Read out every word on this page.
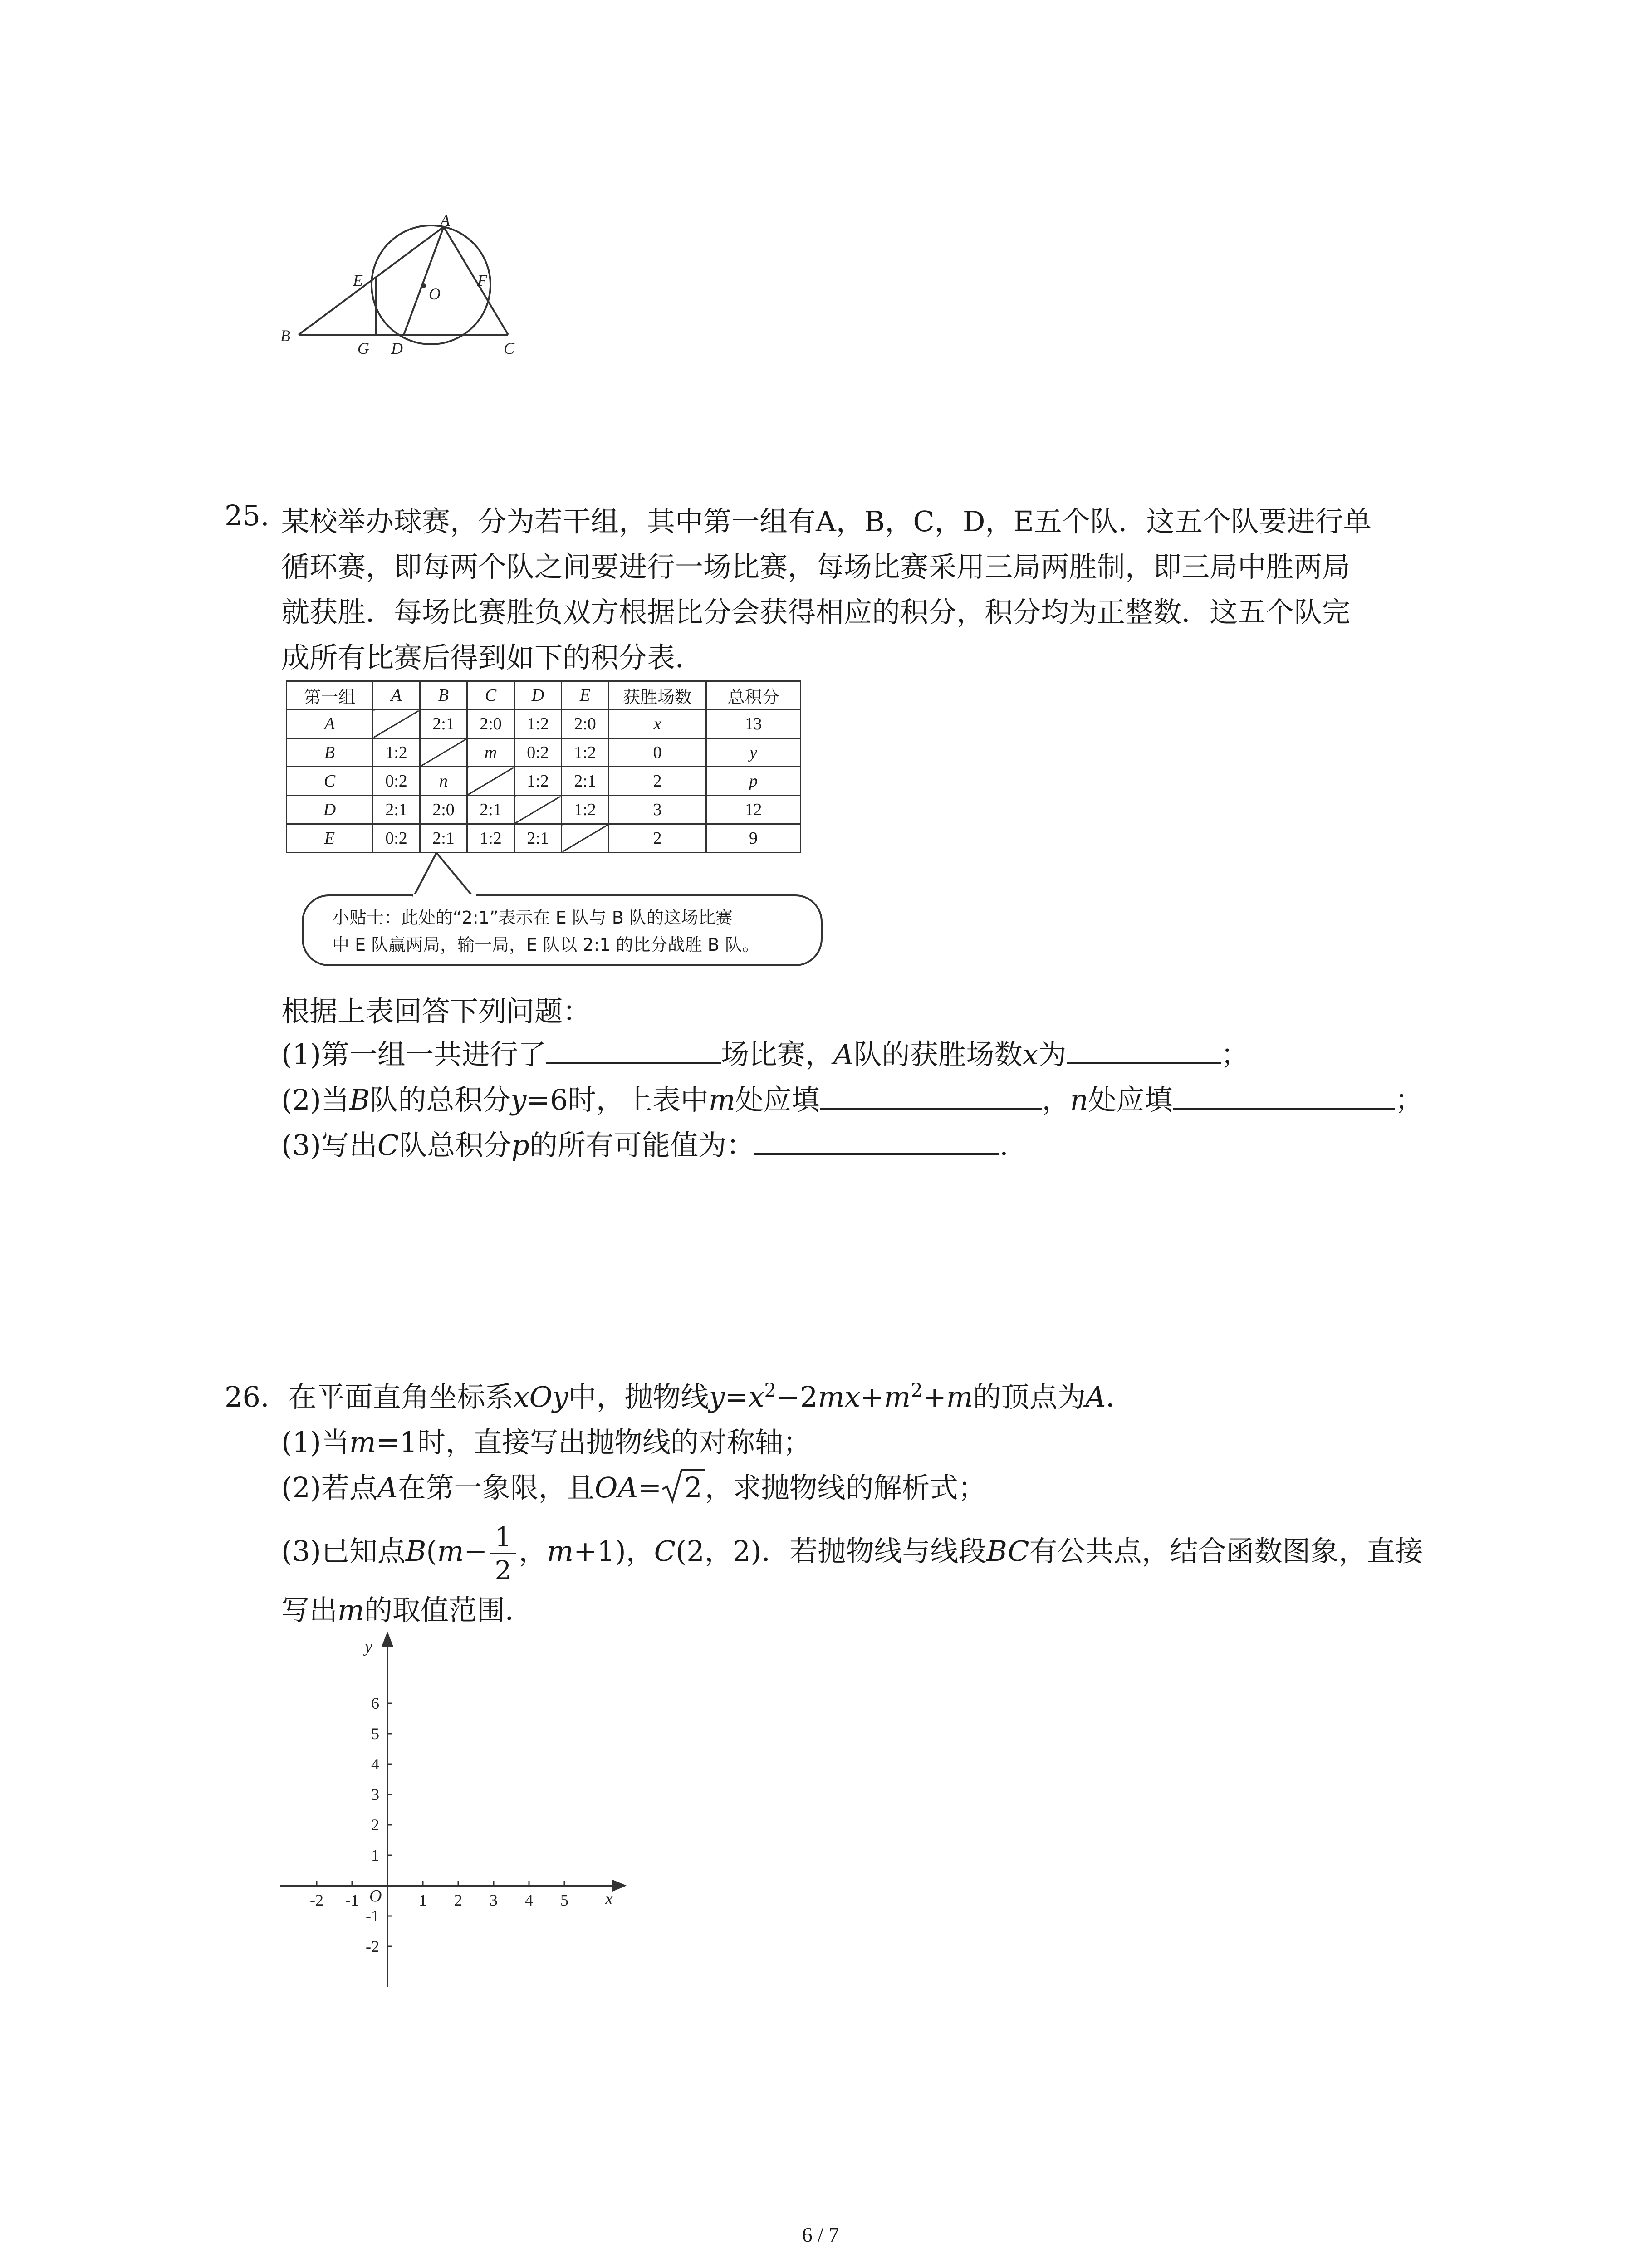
A
E	F
O
B
G D	C
25. 某校举办球赛，分为若干组，其中第一组有A，B，C，D，E五个队．这五个队要进行单
循环赛，即每两个队之间要进行一场比赛，每场比赛采用三局两胜制，即三局中胜两局
就获胜．每场比赛胜负双方根据比分会获得相应的积分，积分均为正整数．这五个队完
成所有比赛后得到如下的积分表．
第一组	A	B	C	D	E	获胜场数	总积分
A		2:1	2:0	1:2	2:0	x	13
B	1:2		m	0:2	1:2	0	y
C	0:2	n		1:2	2:1	2	p
D	2:1	2:0	2:1		1:2	3	12
E	0:2	2:1	1:2	2:1		2	9
小贴士：此处的“2:1”表示在 E 队与 B 队的这场比赛
中 E 队赢两局，输一局，E 队以 2:1 的比分战胜 B 队。
根据上表回答下列问题：
(1)第一组一共进行了	场比赛，A队的获胜场数x为	；
(2)当B队的总积分y=6时，上表中m处应填	，n处应填	；
(3)写出C队总积分p的所有可能值为：	.
26. 在平面直角坐标系xOy中，抛物线$y=x^2-2mx+m^2+m$的顶点为A．
(1)当m=1时，直接写出抛物线的对称轴；
(2)若点A在第一象限，且OA= 2，求抛物线的解析式；
(3)已知点$B(m- \frac{1}{2}$ ，m+1)，C(2，2)．若抛物线与线段BC有公共点，结合函数图象，直接
写出m的取值范围．
-2 -1	1 2 3 4 5
6
5
4
3
2
1
-1
-2
x
y
O
6 / 7
